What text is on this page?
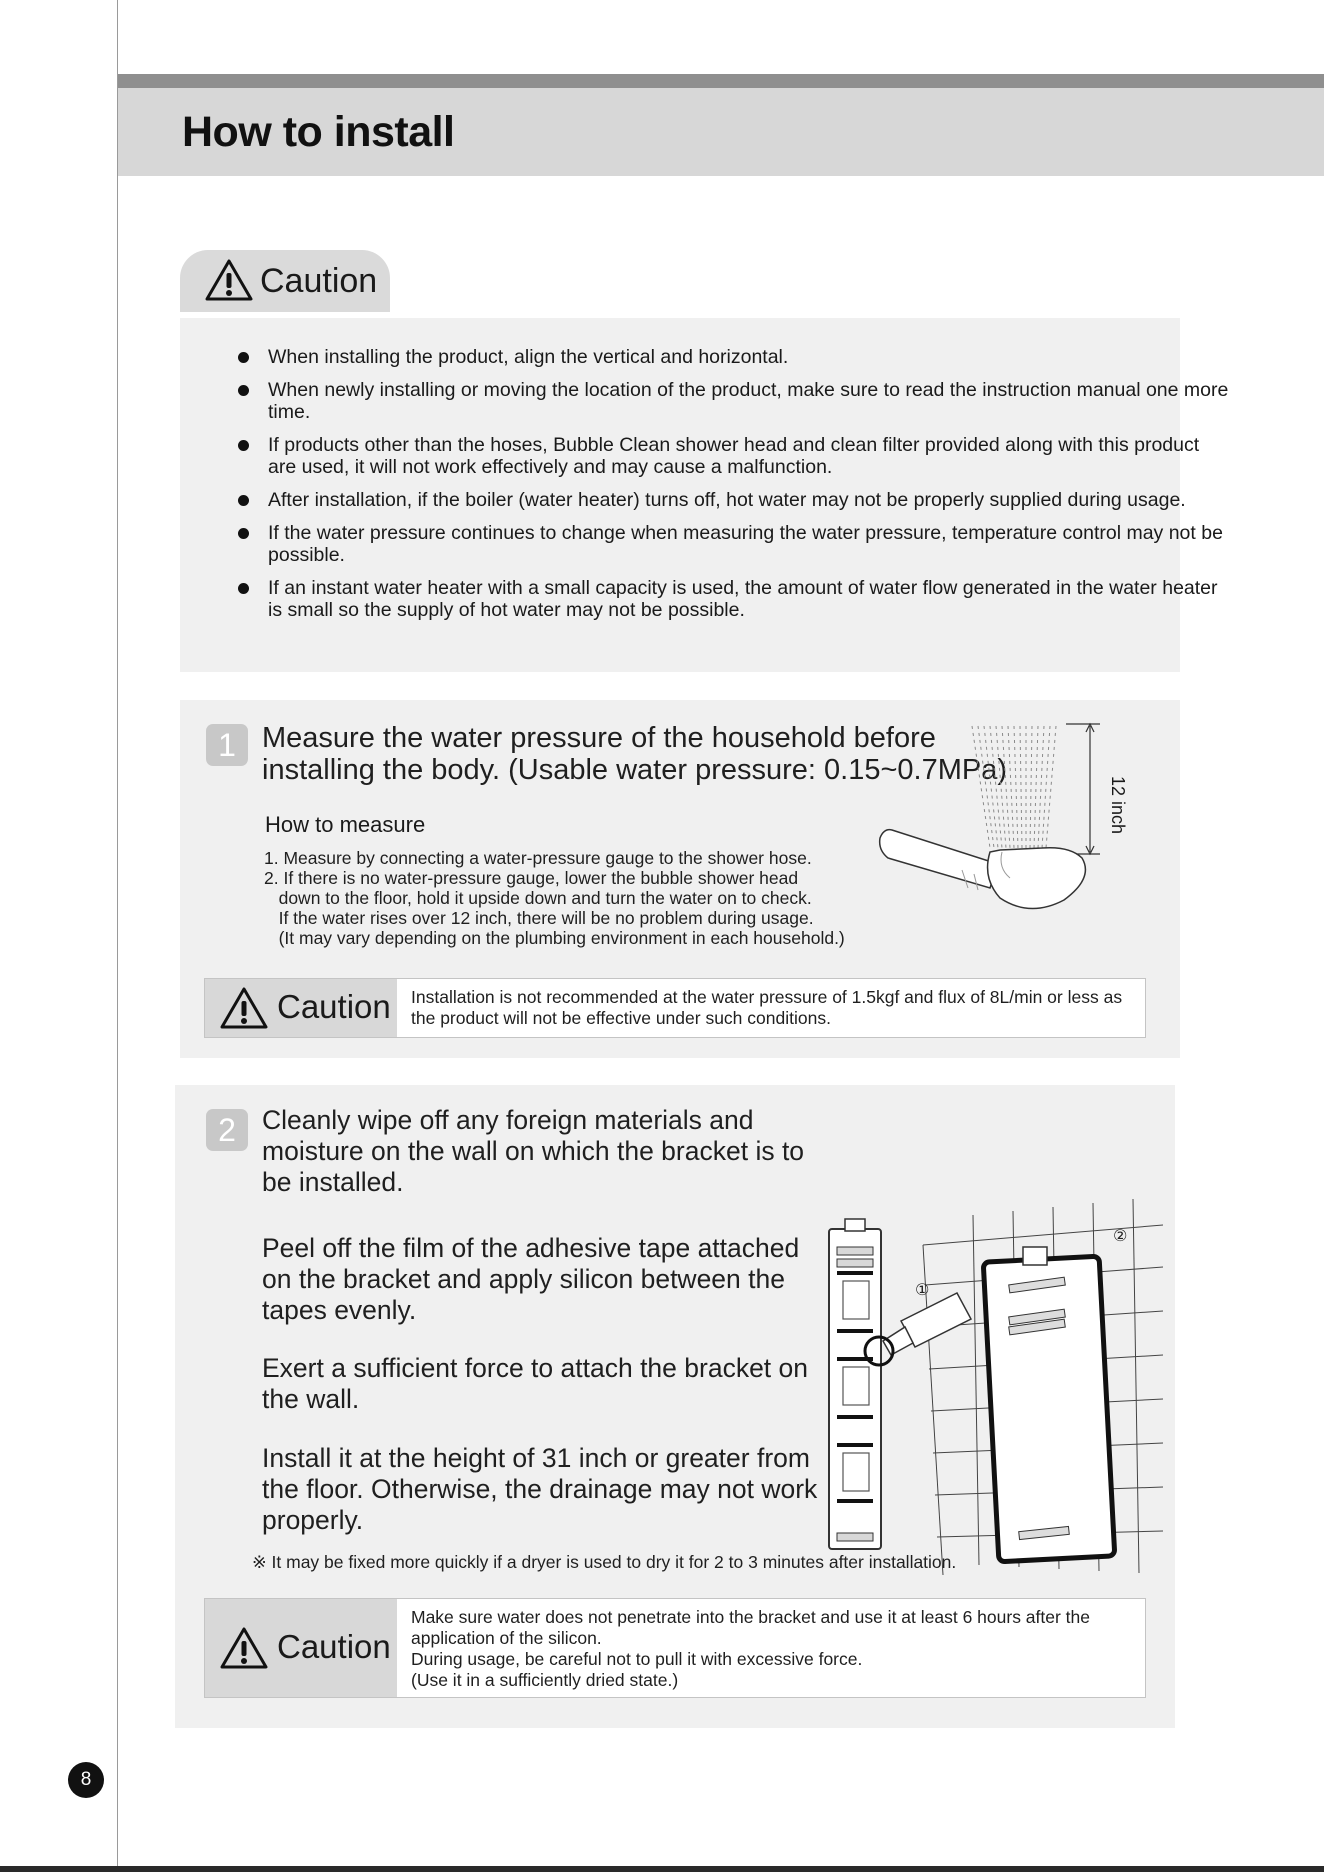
How to install
Caution
When installing the product, align the vertical and horizontal.
When newly installing or moving the location of the product, make sure to read the instruction manual one more time.
If products other than the hoses, Bubble Clean shower head and clean filter provided along with this product are used, it will not work effectively and may cause a malfunction.
After installation, if the boiler (water heater) turns off, hot water may not be properly supplied during usage.
If the water pressure continues to change when measuring the water pressure, temperature control may not be possible.
If an instant water heater with a small capacity is used, the amount of water flow generated in the water heater is small so the supply of hot water may not be possible.
1 Measure the water pressure of the household before
installing the body. (Usable water pressure: 0.15~0.7MPa)
How to measure
1. Measure by connecting a water-pressure gauge to the shower hose.
2. If there is no water-pressure gauge, lower the bubble shower head
down to the floor, hold it upside down and turn the water on to check.
If the water rises over 12 inch, there will be no problem during usage.
(It may vary depending on the plumbing environment in each household.)
12 inch
Caution Installation is not recommended at the water pressure of 1.5kgf and flux of 8L/min or less as the product will not be effective under such conditions.
2 Cleanly wipe off any foreign materials and moisture on the wall on which the bracket is to be installed.

Peel off the film of the adhesive tape attached on the bracket and apply silicon between the tapes evenly.

Exert a sufficient force to attach the bracket on the wall.

Install it at the height of 31 inch or greater from the floor. Otherwise, the drainage may not work properly.

②
①
※ It may be fixed more quickly if a dryer is used to dry it for 2 to 3 minutes after installation.
Caution
Make sure water does not penetrate into the bracket and use it at least 6 hours after the application of the silicon.
During usage, be careful not to pull it with excessive force.
(Use it in a sufficiently dried state.)
8
